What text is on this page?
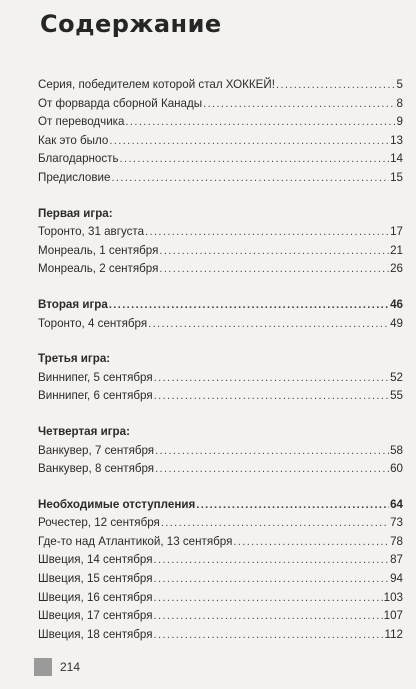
Содержание
Серия, победителем которой стал ХОККЕЙ! .....	5
От форварда сборной Канады .....	8
От переводчика .....	9
Как это было .....	13
Благодарность .....	14
Предисловие .....	15
Первая игра:
Торонто, 31 августа .....	17
Монреаль, 1 сентября .....	21
Монреаль, 2 сентября .....	26
Вторая игра .....	46
Торонто, 4 сентября .....	49
Третья игра:
Виннипег, 5 сентября .....	52
Виннипег, 6 сентября .....	55
Четвертая игра:
Ванкувер, 7 сентября .....	58
Ванкувер, 8 сентября .....	60
Необходимые отступления .....	64
Рочестер, 12 сентября .....	73
Где-то над Атлантикой, 13 сентября .....	78
Швеция, 14 сентября .....	87
Швеция, 15 сентября .....	94
Швеция, 16 сентября .....	103
Швеция, 17 сентября .....	107
Швеция, 18 сентября .....	112
214
